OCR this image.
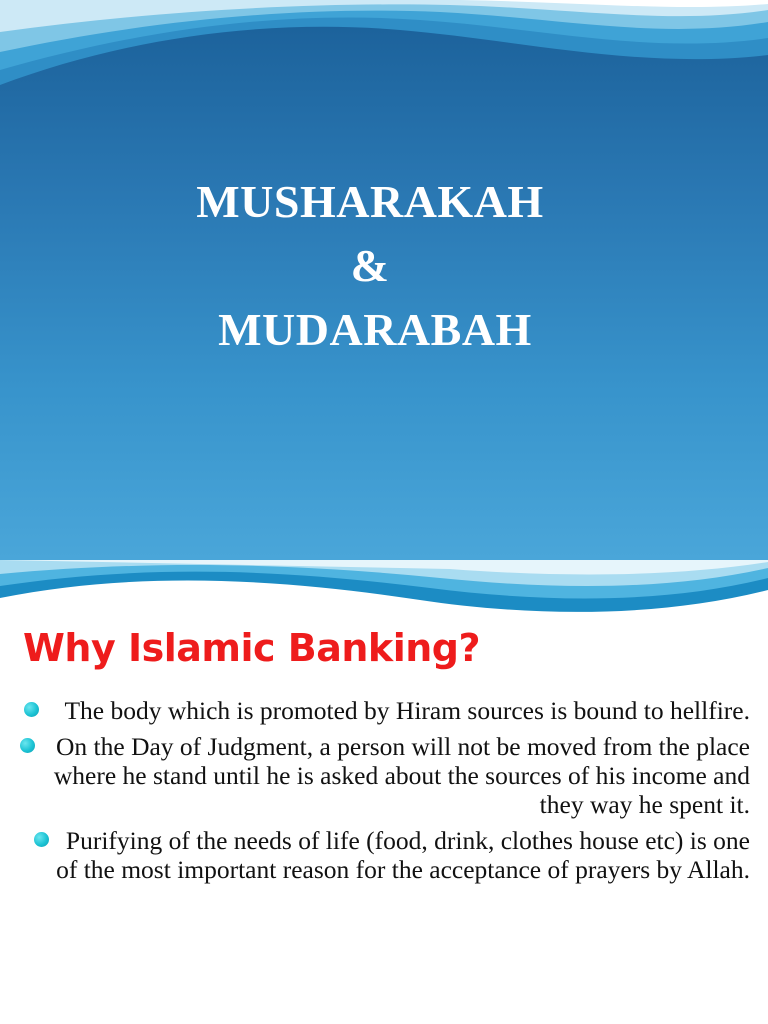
MUSHARAKAH
&
MUDARABAH
Why Islamic Banking?
The body which is promoted by Hiram sources is bound to hellfire.
On the Day of Judgment, a person will not be moved from the place where he stand until he is asked about the sources of his income and they way he spent it.
Purifying of the needs of life (food, drink, clothes house etc) is one of the most important reason for the acceptance of prayers by Allah.
